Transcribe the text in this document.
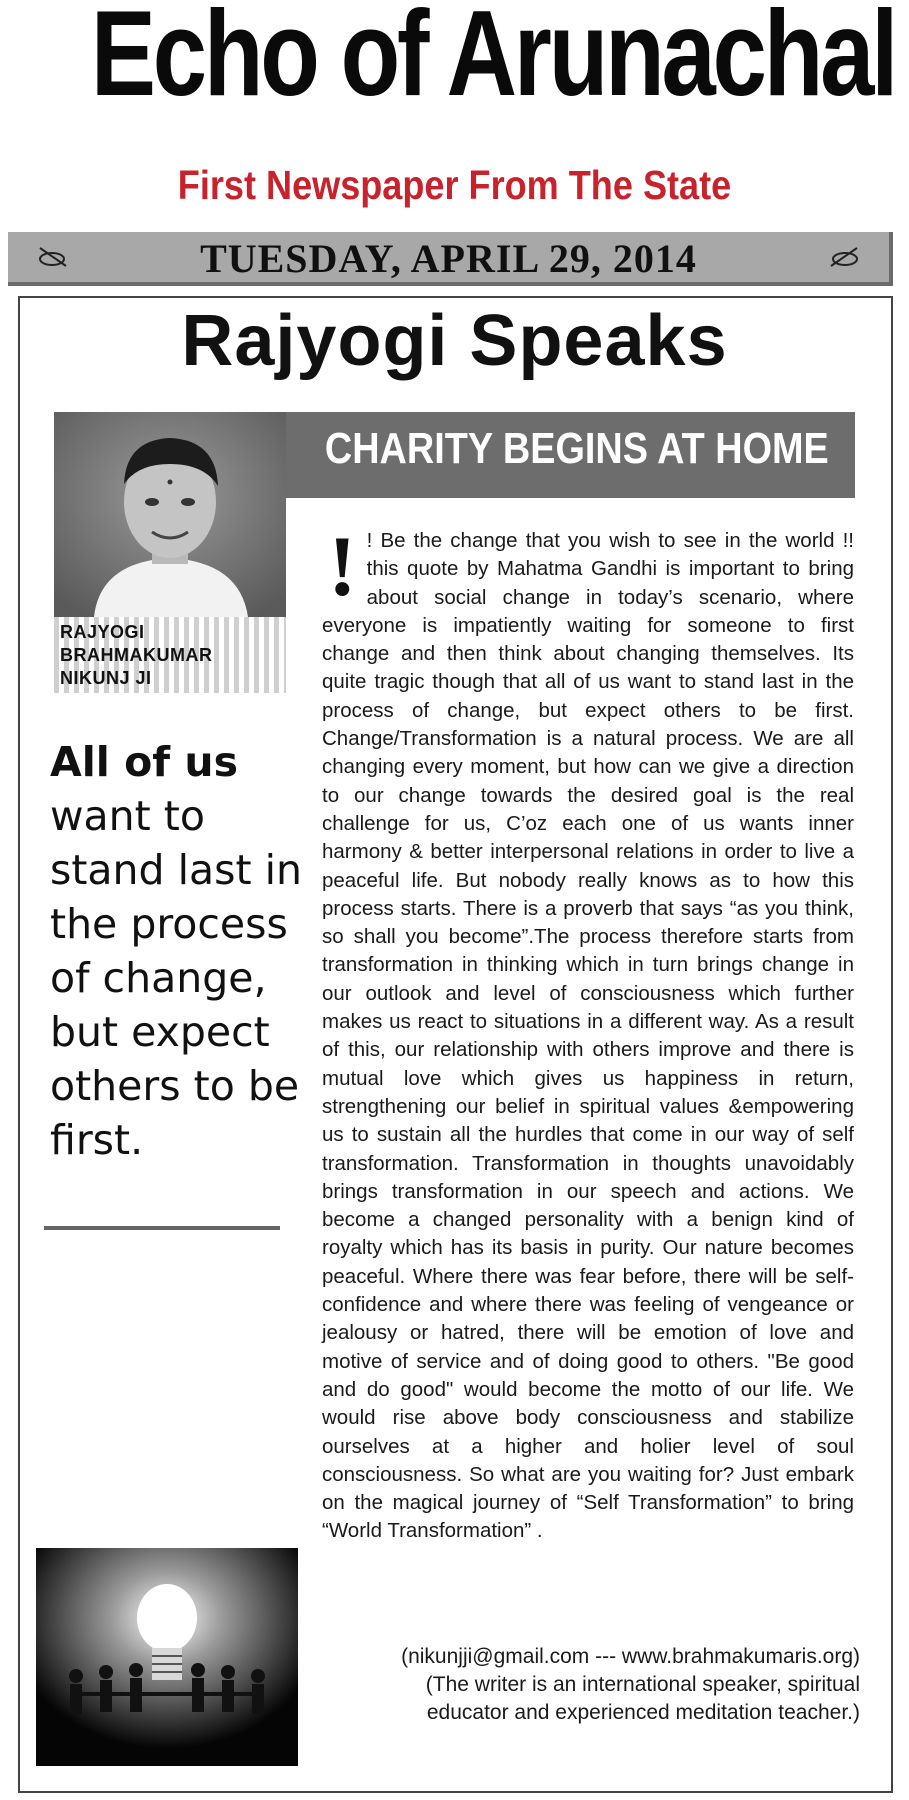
Echo of Arunachal
First Newspaper From The State
TUESDAY, APRIL 29, 2014
Rajyogi Speaks
CHARITY BEGINS AT HOME
RAJYOGI
BRAHMAKUMAR
NIKUNJ JI
All of us
want to stand last in the process of change, but expect others to be first.
! ! Be the change that you wish to see in the world !! this quote by Mahatma Gandhi is important to bring about social change in today’s scenario, where everyone is impatiently waiting for someone to first change and then think about changing themselves. Its quite tragic though that all of us want to stand last in the process of change, but expect others to be first. Change/Transformation is a natural process. We are all changing every moment, but how can we give a direction to our change towards the desired goal is the real challenge for us, C’oz each one of us wants inner harmony & better interpersonal relations in order to live a peaceful life. But nobody really knows as to how this process starts. There is a proverb that says “as you think, so shall you become”.The process therefore starts from transformation in thinking which in turn brings change in our outlook and level of consciousness which further makes us react to situations in a different way. As a result of this, our relationship with others improve and there is mutual love which gives us happiness in return, strengthening our belief in spiritual values &empowering us to sustain all the hurdles that come in our way of self transformation. Transformation in thoughts unavoidably brings transformation in our speech and actions. We become a changed personality with a benign kind of royalty which has its basis in purity. Our nature becomes peaceful. Where there was fear before, there will be self-confidence and where there was feeling of vengeance or jealousy or hatred, there will be emotion of love and motive of service and of doing good to others. "Be good and do good" would become the motto of our life. We would rise above body consciousness and stabilize ourselves at a higher and holier level of soul consciousness. So what are you waiting for? Just embark on the magical journey of “Self Transformation” to bring “World Transformation” .
(nikunjji@gmail.com --- www.brahmakumaris.org)
(The writer is an international speaker, spiritual
educator and experienced meditation teacher.)
